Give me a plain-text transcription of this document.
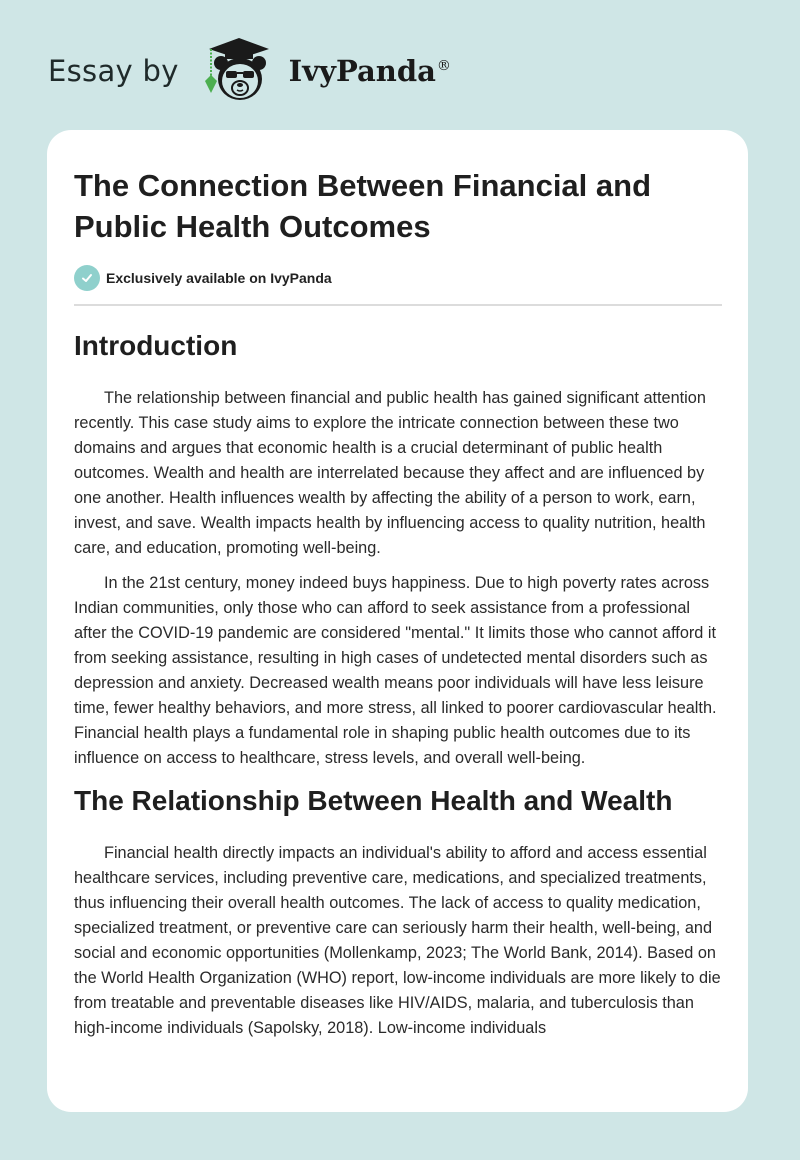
Essay by	IvyPanda®
The Connection Between Financial and Public Health Outcomes
Exclusively available on IvyPanda
Introduction

The relationship between financial and public health has gained significant attention recently. This case study aims to explore the intricate connection between these two domains and argues that economic health is a crucial determinant of public health outcomes. Wealth and health are interrelated because they affect and are influenced by one another. Health influences wealth by affecting the ability of a person to work, earn, invest, and save. Wealth impacts health by influencing access to quality nutrition, health care, and education, promoting well-being.

In the 21st century, money indeed buys happiness. Due to high poverty rates across Indian communities, only those who can afford to seek assistance from a professional after the COVID-19 pandemic are considered "mental." It limits those who cannot afford it from seeking assistance, resulting in high cases of undetected mental disorders such as depression and anxiety. Decreased wealth means poor individuals will have less leisure time, fewer healthy behaviors, and more stress, all linked to poorer cardiovascular health. Financial health plays a fundamental role in shaping public health outcomes due to its influence on access to healthcare, stress levels, and overall well-being.

The Relationship Between Health and Wealth

Financial health directly impacts an individual's ability to afford and access essential healthcare services, including preventive care, medications, and specialized treatments, thus influencing their overall health outcomes. The lack of access to quality medication, specialized treatment, or preventive care can seriously harm their health, well-being, and social and economic opportunities (Mollenkamp, 2023; The World Bank, 2014). Based on the World Health Organization (WHO) report, low-income individuals are more likely to die from treatable and preventable diseases like HIV/AIDS, malaria, and tuberculosis than high-income individuals (Sapolsky, 2018). Low-income individuals
